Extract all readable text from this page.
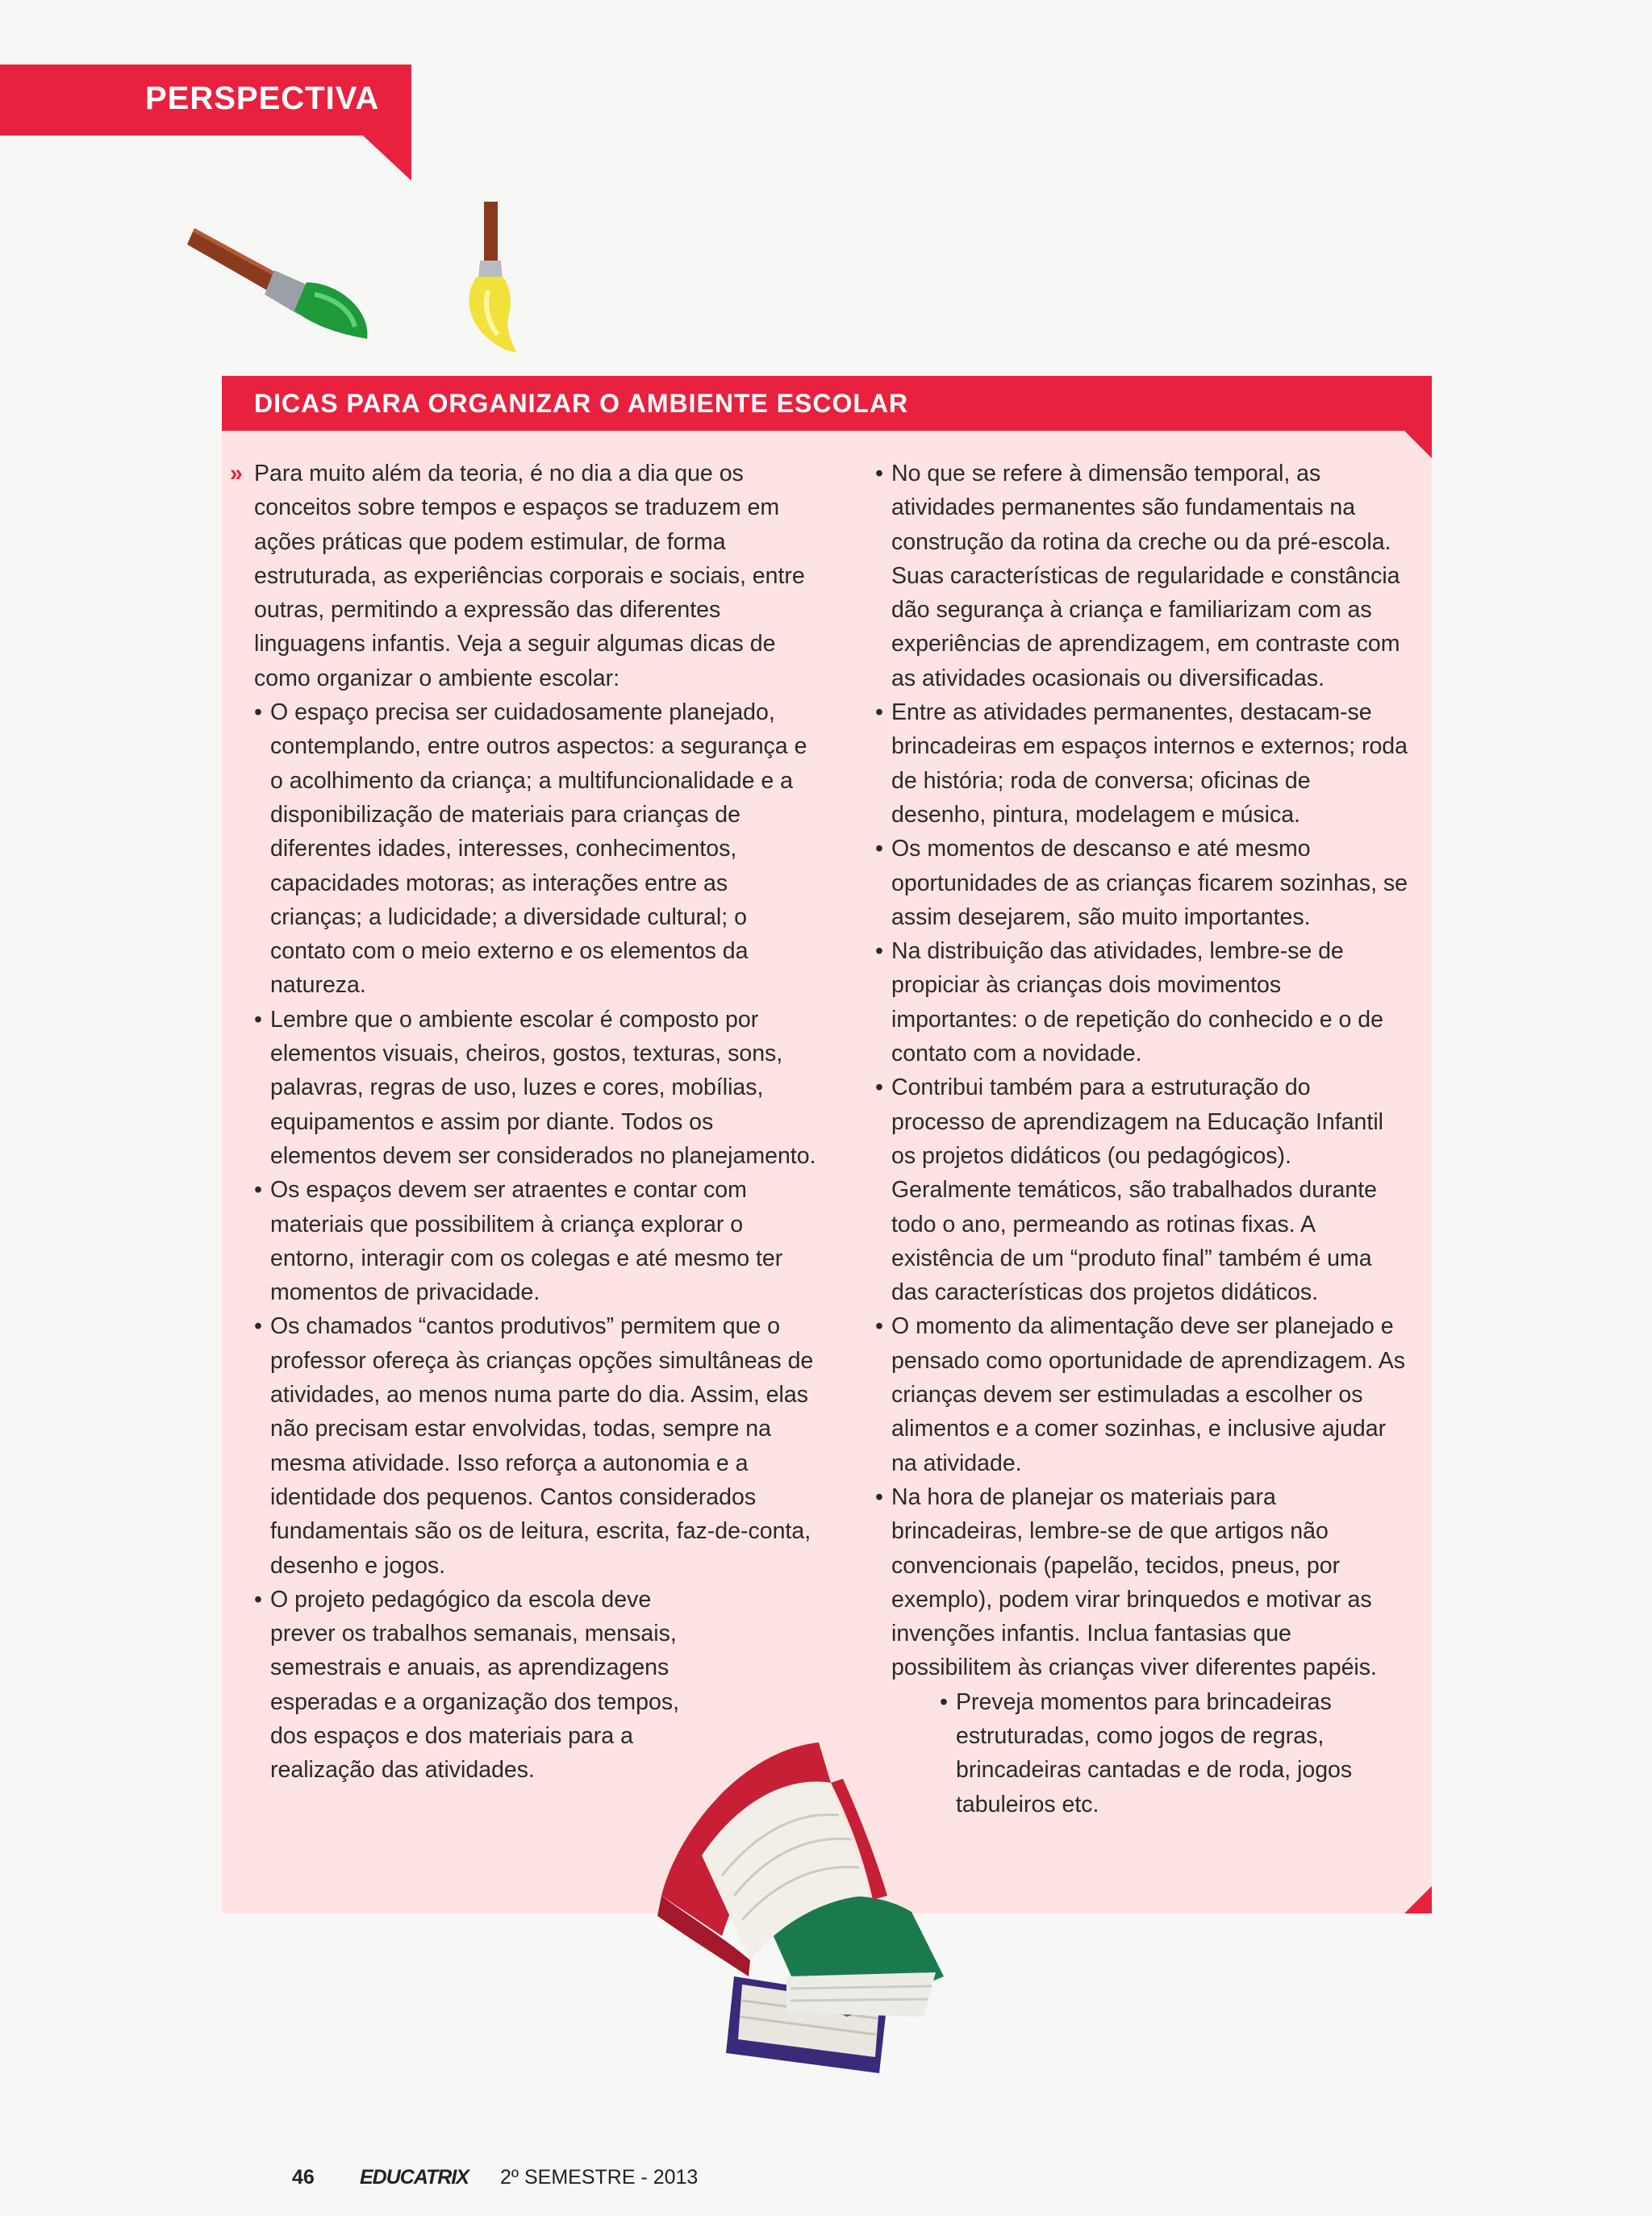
PERSPECTIVA
DICAS PARA ORGANIZAR O AMBIENTE ESCOLAR

» Para muito além da teoria, é no dia a dia que os conceitos sobre tempos e espaços se traduzem em ações práticas que podem estimular, de forma estruturada, as experiências corporais e sociais, entre outras, permitindo a expressão das diferentes linguagens infantis. Veja a seguir algumas dicas de como organizar o ambiente escolar:

• O espaço precisa ser cuidadosamente planejado, contemplando, entre outros aspectos: a segurança e o acolhimento da criança; a multifuncionalidade e a disponibilização de materiais para crianças de diferentes idades, interesses, conhecimentos, capacidades motoras; as interações entre as crianças; a ludicidade; a diversidade cultural; o contato com o meio externo e os elementos da natureza.

• Lembre que o ambiente escolar é composto por elementos visuais, cheiros, gostos, texturas, sons, palavras, regras de uso, luzes e cores, mobílias, equipamentos e assim por diante. Todos os elementos devem ser considerados no planejamento.

• Os espaços devem ser atraentes e contar com materiais que possibilitem à criança explorar o entorno, interagir com os colegas e até mesmo ter momentos de privacidade.

• Os chamados “cantos produtivos” permitem que o professor ofereça às crianças opções simultâneas de atividades, ao menos numa parte do dia. Assim, elas não precisam estar envolvidas, todas, sempre na mesma atividade. Isso reforça a autonomia e a identidade dos pequenos. Cantos considerados fundamentais são os de leitura, escrita, faz-de-conta, desenho e jogos.

• O projeto pedagógico da escola deve prever os trabalhos semanais, mensais, semestrais e anuais, as aprendizagens esperadas e a organização dos tempos, dos espaços e dos materiais para a realização das atividades.

• No que se refere à dimensão temporal, as atividades permanentes são fundamentais na construção da rotina da creche ou da pré-escola. Suas características de regularidade e constância dão segurança à criança e familiarizam com as experiências de aprendizagem, em contraste com as atividades ocasionais ou diversificadas.

• Entre as atividades permanentes, destacam-se brincadeiras em espaços internos e externos; roda de história; roda de conversa; oficinas de desenho, pintura, modelagem e música.

• Os momentos de descanso e até mesmo oportunidades de as crianças ficarem sozinhas, se assim desejarem, são muito importantes.

• Na distribuição das atividades, lembre-se de propiciar às crianças dois movimentos importantes: o de repetição do conhecido e o de contato com a novidade.

• Contribui também para a estruturação do processo de aprendizagem na Educação Infantil os projetos didáticos (ou pedagógicos). Geralmente temáticos, são trabalhados durante todo o ano, permeando as rotinas fixas. A existência de um “produto final” também é uma das características dos projetos didáticos.

• O momento da alimentação deve ser planejado e pensado como oportunidade de aprendizagem. As crianças devem ser estimuladas a escolher os alimentos e a comer sozinhas, e inclusive ajudar na atividade.

• Na hora de planejar os materiais para brincadeiras, lembre-se de que artigos não convencionais (papelão, tecidos, pneus, por exemplo), podem virar brinquedos e motivar as invenções infantis. Inclua fantasias que possibilitem às crianças viver diferentes papéis.

• Preveja momentos para brincadeiras estruturadas, como jogos de regras, brincadeiras cantadas e de roda, jogos tabuleiros etc.

46 EDUCATRIX 2º SEMESTRE - 2013
